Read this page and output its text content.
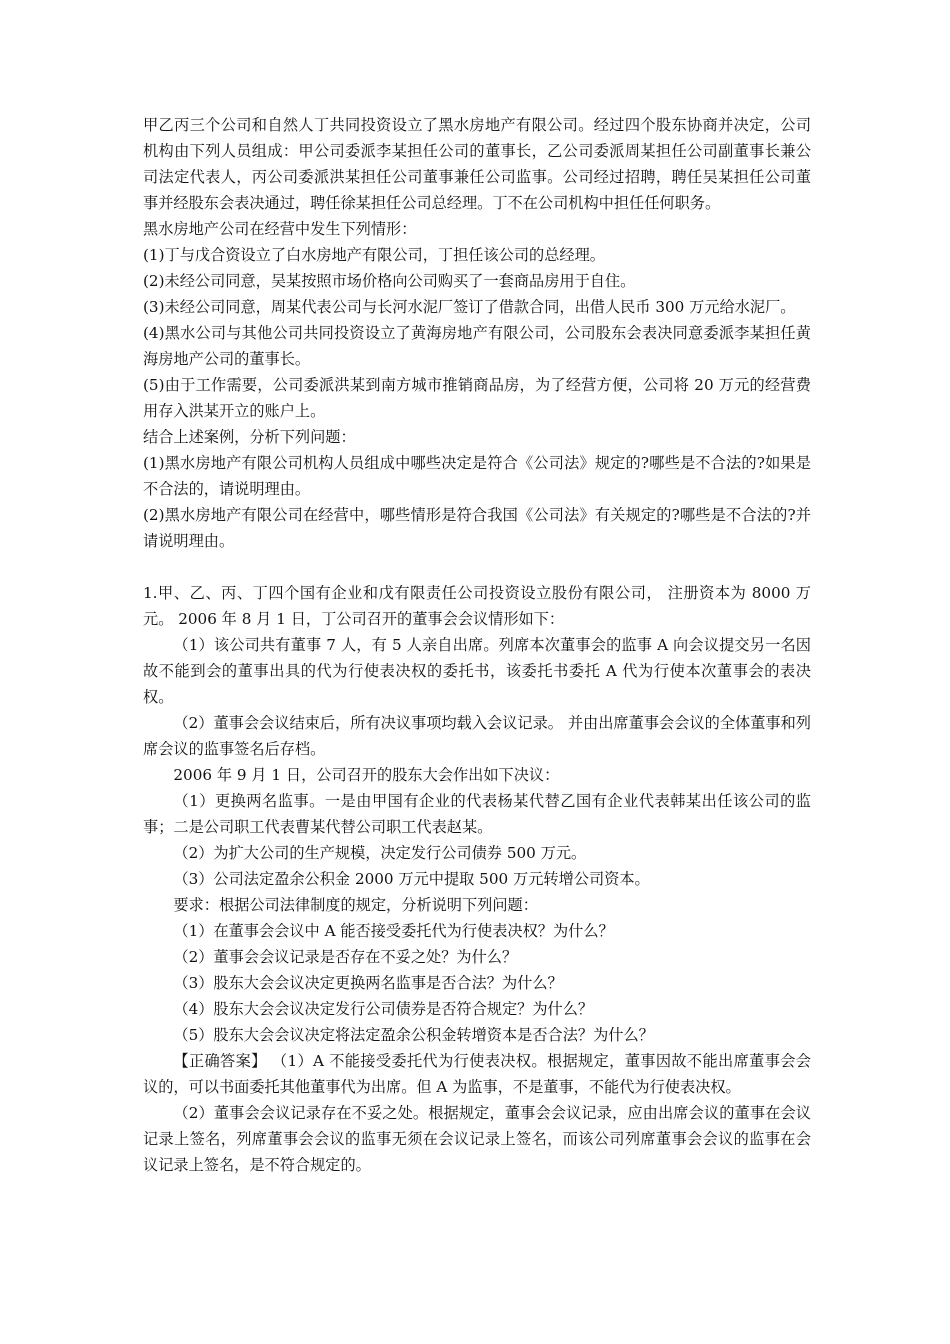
甲乙丙三个公司和自然人丁共同投资设立了黑水房地产有限公司。经过四个股东协商并决定，公司机构由下列人员组成：甲公司委派李某担任公司的董事长，乙公司委派周某担任公司副董事长兼公司法定代表人，丙公司委派洪某担任公司董事兼任公司监事。公司经过招聘，聘任吴某担任公司董事并经股东会表决通过，聘任徐某担任公司总经理。丁不在公司机构中担任任何职务。

黑水房地产公司在经营中发生下列情形：

(1)丁与戊合资设立了白水房地产有限公司，丁担任该公司的总经理。

(2)未经公司同意，吴某按照市场价格向公司购买了一套商品房用于自住。

(3)未经公司同意，周某代表公司与长河水泥厂签订了借款合同，出借人民币 300 万元给水泥厂。

(4)黑水公司与其他公司共同投资设立了黄海房地产有限公司，公司股东会表决同意委派李某担任黄海房地产公司的董事长。

(5)由于工作需要，公司委派洪某到南方城市推销商品房，为了经营方便，公司将 20 万元的经营费用存入洪某开立的账户上。

结合上述案例，分析下列问题：

(1)黑水房地产有限公司机构人员组成中哪些决定是符合《公司法》规定的?哪些是不合法的?如果是不合法的，请说明理由。

(2)黑水房地产有限公司在经营中，哪些情形是符合我国《公司法》有关规定的?哪些是不合法的?并请说明理由。

1.甲、乙、丙、丁四个国有企业和戊有限责任公司投资设立股份有限公司， 注册资本为 8000 万元。 2006 年 8 月 1 日，丁公司召开的董事会会议情形如下：

（1）该公司共有董事 7 人，有 5 人亲自出席。列席本次董事会的监事 A 向会议提交另一名因故不能到会的董事出具的代为行使表决权的委托书，该委托书委托 A 代为行使本次董事会的表决权。

（2）董事会会议结束后，所有决议事项均载入会议记录。 并由出席董事会会议的全体董事和列席会议的监事签名后存档。

2006 年 9 月 1 日，公司召开的股东大会作出如下决议：

（1）更换两名监事。一是由甲国有企业的代表杨某代替乙国有企业代表韩某出任该公司的监事；二是公司职工代表曹某代替公司职工代表赵某。

（2）为扩大公司的生产规模，决定发行公司债券 500 万元。

（3）公司法定盈余公积金 2000 万元中提取 500 万元转增公司资本。

要求：根据公司法律制度的规定，分析说明下列问题：

（1）在董事会会议中 A 能否接受委托代为行使表决权？为什么？

（2）董事会会议记录是否存在不妥之处？为什么？

（3）股东大会会议决定更换两名监事是否合法？为什么？

（4）股东大会会议决定发行公司债券是否符合规定？为什么？

（5）股东大会会议决定将法定盈余公积金转增资本是否合法？为什么？

【正确答案】 （1）A 不能接受委托代为行使表决权。根据规定，董事因故不能出席董事会会议的，可以书面委托其他董事代为出席。但 A 为监事，不是董事，不能代为行使表决权。

（2）董事会会议记录存在不妥之处。根据规定，董事会会议记录，应由出席会议的董事在会议记录上签名，列席董事会会议的监事无须在会议记录上签名，而该公司列席董事会会议的监事在会议记录上签名，是不符合规定的。
